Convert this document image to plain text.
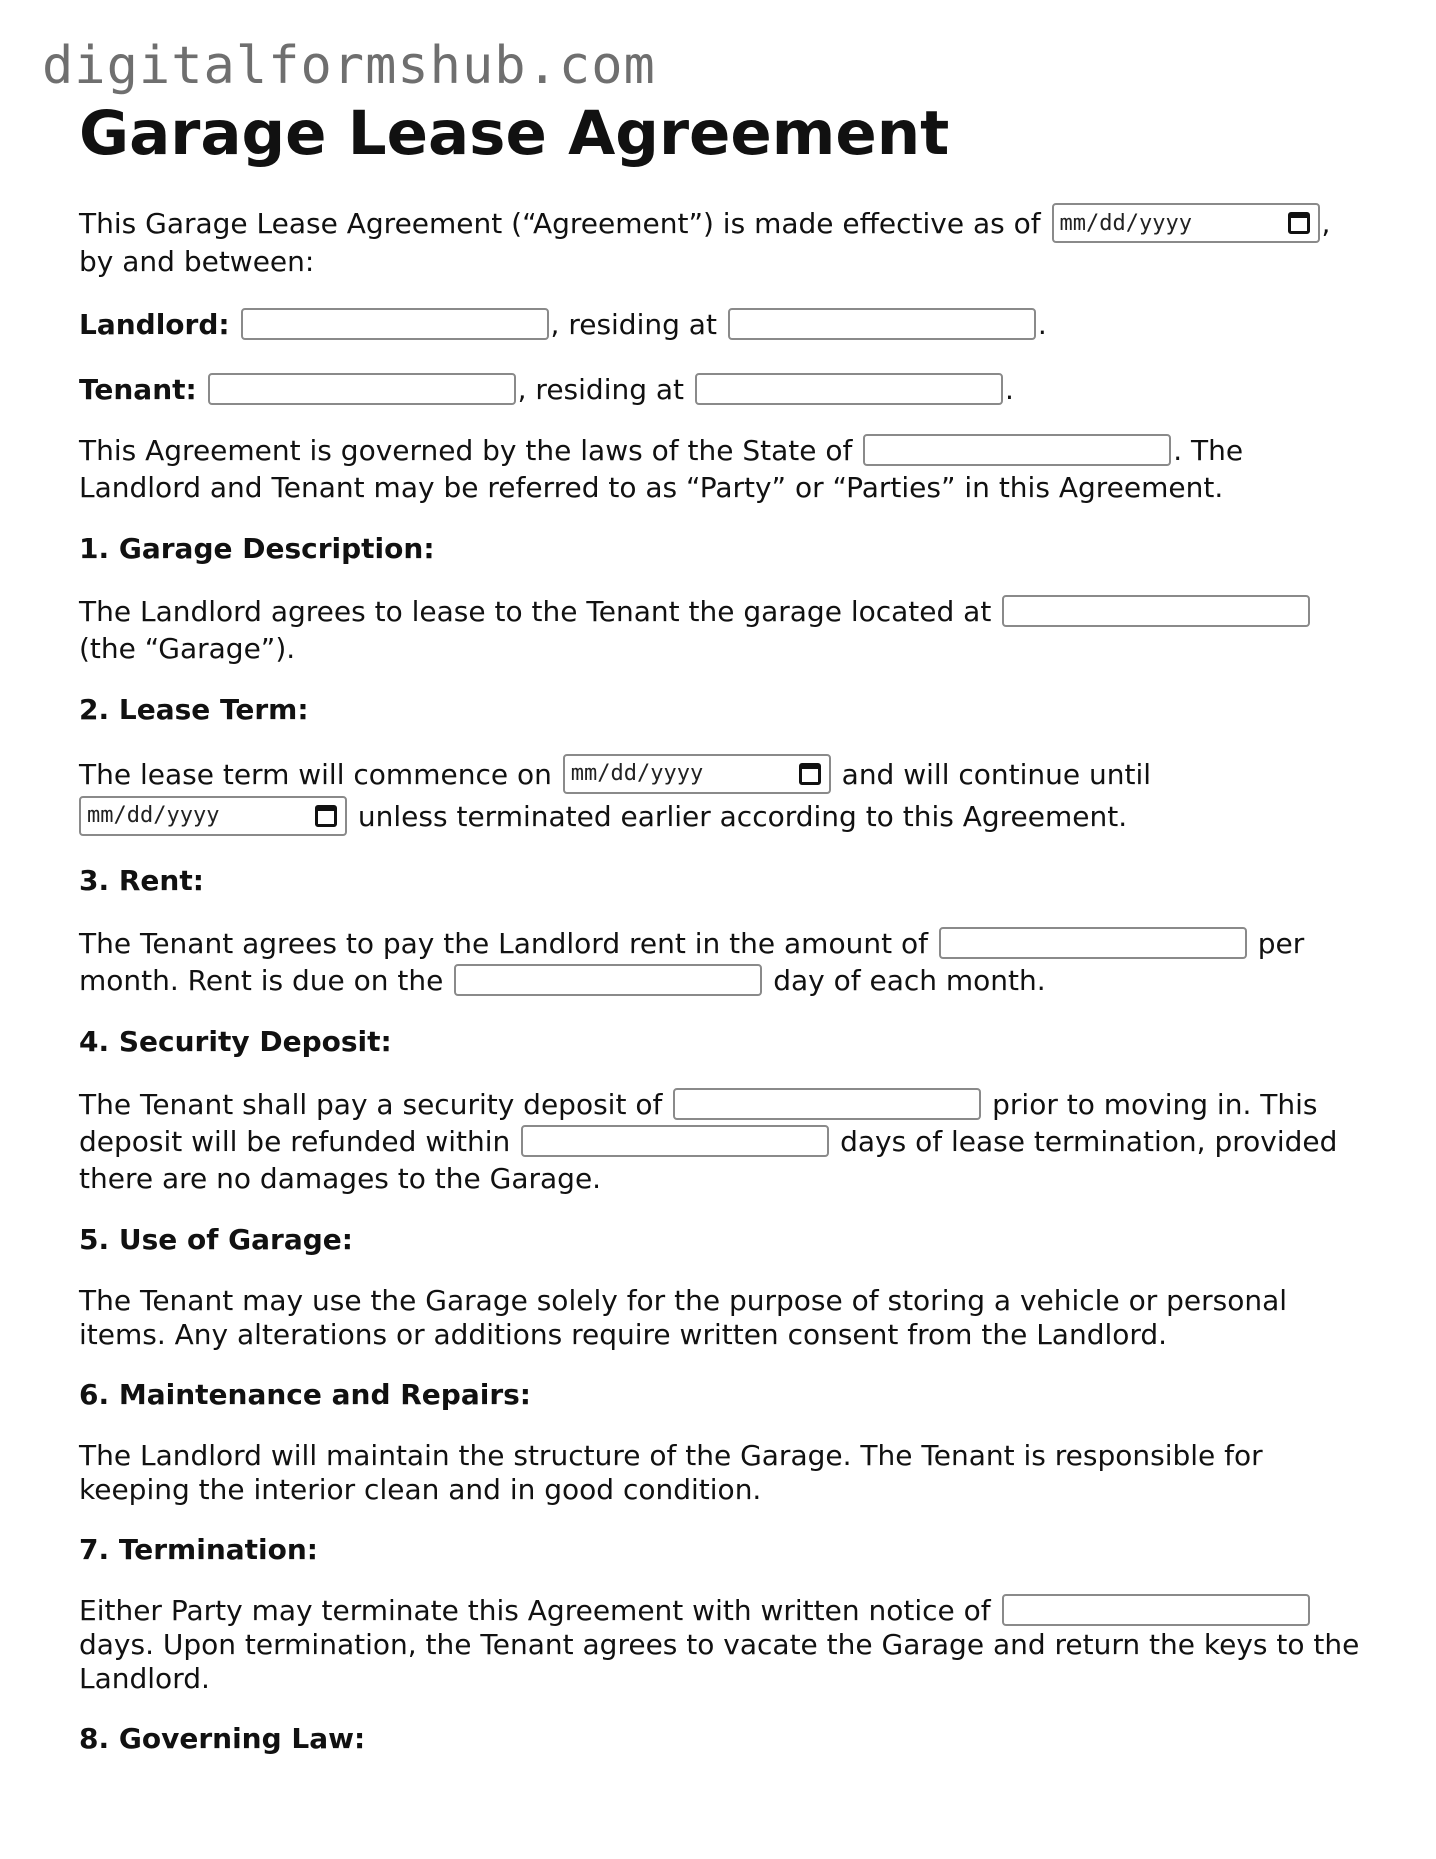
digitalformshub.com
Garage Lease Agreement

This Garage Lease Agreement (“Agreement”) is made effective as of mm/dd/yyyy	,
by and between:

Landlord:	, residing at	.
Tenant:	, residing at	.

This Agreement is governed by the laws of the State of	. The Landlord and Tenant may be referred to as “Party” or “Parties” in this Agreement.

1. Garage Description:

The Landlord agrees to lease to the Tenant the garage located at  (the “Garage”).

2. Lease Term:

The lease term will commence on mm/dd/yyyy	and will continue until

mm/dd/yyyy	unless terminated earlier according to this Agreement.

3. Rent:

The Tenant agrees to pay the Landlord rent in the amount of	per month. Rent is due on the	day of each month.

4. Security Deposit:

The Tenant shall pay a security deposit of	prior to moving in. This deposit will be refunded within	days of lease termination, provided there are no damages to the Garage.

5. Use of Garage:

The Tenant may use the Garage solely for the purpose of storing a vehicle or personal items. Any alterations or additions require written consent from the Landlord.

6. Maintenance and Repairs:

The Landlord will maintain the structure of the Garage. The Tenant is responsible for keeping the interior clean and in good condition.

7. Termination:

Either Party may terminate this Agreement with written notice of  days. Upon termination, the Tenant agrees to vacate the Garage and return the keys to the Landlord.

8. Governing Law:
